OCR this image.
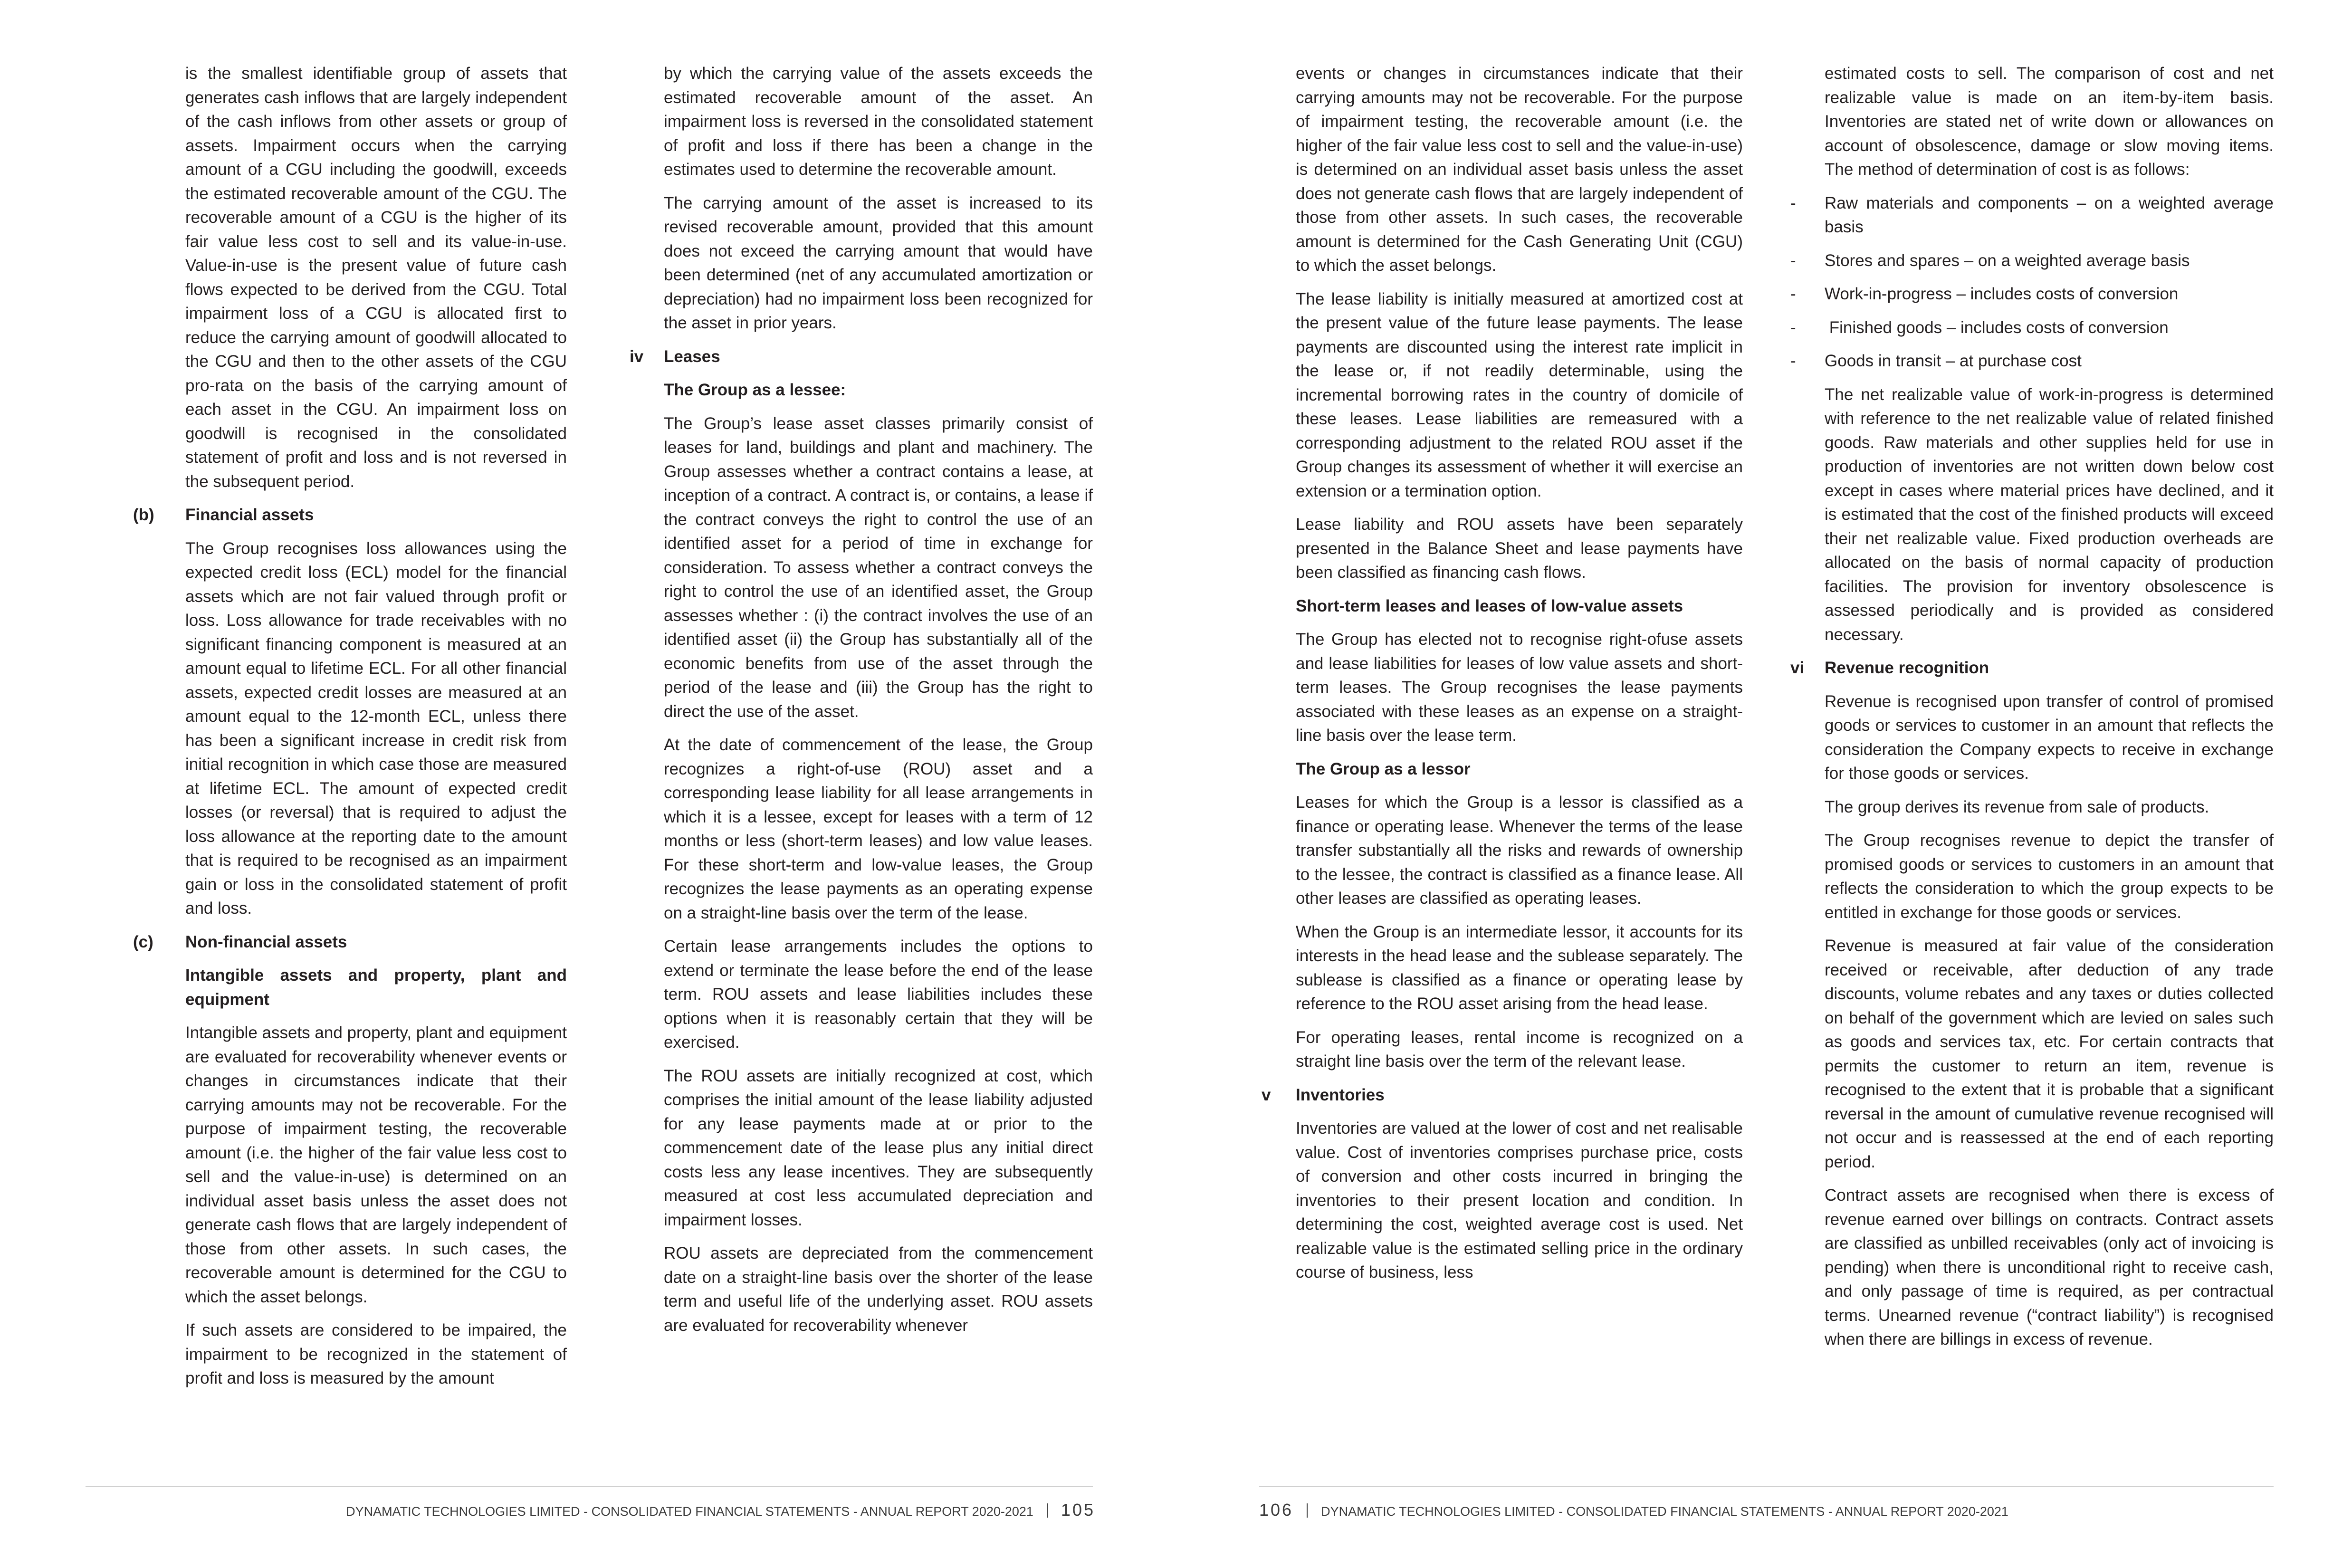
is the smallest identifiable group of assets that generates cash inflows that are largely independent of the cash inflows from other assets or group of assets. Impairment occurs when the carrying amount of a CGU including the goodwill, exceeds the estimated recoverable amount of the CGU. The recoverable amount of a CGU is the higher of its fair value less cost to sell and its value-in-use. Value-in-use is the present value of future cash flows expected to be derived from the CGU. Total impairment loss of a CGU is allocated first to reduce the carrying amount of goodwill allocated to the CGU and then to the other assets of the CGU pro-rata on the basis of the carrying amount of each asset in the CGU. An impairment loss on goodwill is recognised in the consolidated statement of profit and loss and is not reversed in the subsequent period.

(b)	Financial assets

The Group recognises loss allowances using the expected credit loss (ECL) model for the financial assets which are not fair valued through profit or loss. Loss allowance for trade receivables with no significant financing component is measured at an amount equal to lifetime ECL. For all other financial assets, expected credit losses are measured at an amount equal to the 12-month ECL, unless there has been a significant increase in credit risk from initial recognition in which case those are measured at lifetime ECL. The amount of expected credit losses (or reversal) that is required to adjust the loss allowance at the reporting date to the amount that is required to be recognised as an impairment gain or loss in the consolidated statement of profit and loss.

(c)	Non-financial assets
Intangible assets and property, plant and equipment

Intangible assets and property, plant and equipment are evaluated for recoverability whenever events or changes in circumstances indicate that their carrying amounts may not be recoverable. For the purpose of impairment testing, the recoverable amount (i.e. the higher of the fair value less cost to sell and the value-in-use) is determined on an individual asset basis unless the asset does not generate cash flows that are largely independent of those from other assets. In such cases, the recoverable amount is determined for the CGU to which the asset belongs.

If such assets are considered to be impaired, the impairment to be recognized in the statement of profit and loss is measured by the amount

by which the carrying value of the assets exceeds the estimated recoverable amount of the asset. An impairment loss is reversed in the consolidated statement of profit and loss if there has been a change in the estimates used to determine the recoverable amount.

The carrying amount of the asset is increased to its revised recoverable amount, provided that this amount does not exceed the carrying amount that would have been determined (net of any accumulated amortization or depreciation) had no impairment loss been recognized for the asset in prior years.

iv	Leases
The Group as a lessee:

The Group’s lease asset classes primarily consist of leases for land, buildings and plant and machinery. The Group assesses whether a contract contains a lease, at inception of a contract. A contract is, or contains, a lease if the contract conveys the right to control the use of an identified asset for a period of time in exchange for consideration. To assess whether a contract conveys the right to control the use of an identified asset, the Group assesses whether : (i) the contract involves the use of an identified asset (ii) the Group has substantially all of the economic benefits from use of the asset through the period of the lease and (iii) the Group has the right to direct the use of the asset.

At the date of commencement of the lease, the Group recognizes a right-of-use (ROU) asset and a corresponding lease liability for all lease arrangements in which it is a lessee, except for leases with a term of 12 months or less (short-term leases) and low value leases. For these short-term and low-value leases, the Group recognizes the lease payments as an operating expense on a straight-line basis over the term of the lease.

Certain lease arrangements includes the options to extend or terminate the lease before the end of the lease term. ROU assets and lease liabilities includes these options when it is reasonably certain that they will be exercised.

The ROU assets are initially recognized at cost, which comprises the initial amount of the lease liability adjusted for any lease payments made at or prior to the commencement date of the lease plus any initial direct costs less any lease incentives. They are subsequently measured at cost less accumulated depreciation and impairment losses.

ROU assets are depreciated from the commencement date on a straight-line basis over the shorter of the lease term and useful life of the underlying asset. ROU assets are evaluated for recoverability whenever

events or changes in circumstances indicate that their carrying amounts may not be recoverable. For the purpose of impairment testing, the recoverable amount (i.e. the higher of the fair value less cost to sell and the value-in-use) is determined on an individual asset basis unless the asset does not generate cash flows that are largely independent of those from other assets. In such cases, the recoverable amount is determined for the Cash Generating Unit (CGU) to which the asset belongs.

The lease liability is initially measured at amortized cost at the present value of the future lease payments. The lease payments are discounted using the interest rate implicit in the lease or, if not readily determinable, using the incremental borrowing rates in the country of domicile of these leases. Lease liabilities are remeasured with a corresponding adjustment to the related ROU asset if the Group changes its assessment of whether it will exercise an extension or a termination option.

Lease liability and ROU assets have been separately presented in the Balance Sheet and lease payments have been classified as financing cash flows.

Short-term leases and leases of low-value assets

The Group has elected not to recognise right-ofuse assets and lease liabilities for leases of low value assets and short-term leases. The Group recognises the lease payments associated with these leases as an expense on a straight-line basis over the lease term.

The Group as a lessor

Leases for which the Group is a lessor is classified as a finance or operating lease. Whenever the terms of the lease transfer substantially all the risks and rewards of ownership to the lessee, the contract is classified as a finance lease. All other leases are classified as operating leases.

When the Group is an intermediate lessor, it accounts for its interests in the head lease and the sublease separately. The sublease is classified as a finance or operating lease by reference to the ROU asset arising from the head lease.

For operating leases, rental income is recognized on a straight line basis over the term of the relevant lease.

v	Inventories

Inventories are valued at the lower of cost and net realisable value. Cost of inventories comprises purchase price, costs of conversion and other costs incurred in bringing the inventories to their present location and condition. In determining the cost, weighted average cost is used. Net realizable value is the estimated selling price in the ordinary course of business, less

estimated costs to sell. The comparison of cost and net realizable value is made on an item-by-item basis. Inventories are stated net of write down or allowances on account of obsolescence, damage or slow moving items. The method of determination of cost is as follows:

-	Raw materials and components – on a weighted average basis
-	Stores and spares – on a weighted average basis
-	Work-in-progress – includes costs of conversion
-	Finished goods – includes costs of conversion
-	Goods in transit – at purchase cost

The net realizable value of work-in-progress is determined with reference to the net realizable value of related finished goods. Raw materials and other supplies held for use in production of inventories are not written down below cost except in cases where material prices have declined, and it is estimated that the cost of the finished products will exceed their net realizable value. Fixed production overheads are allocated on the basis of normal capacity of production facilities. The provision for inventory obsolescence is assessed periodically and is provided as considered necessary.

vi	Revenue recognition

Revenue is recognised upon transfer of control of promised goods or services to customer in an amount that reflects the consideration the Company expects to receive in exchange for those goods or services.

The group derives its revenue from sale of products.

The Group recognises revenue to depict the transfer of promised goods or services to customers in an amount that reflects the consideration to which the group expects to be entitled in exchange for those goods or services.

Revenue is measured at fair value of the consideration received or receivable, after deduction of any trade discounts, volume rebates and any taxes or duties collected on behalf of the government which are levied on sales such as goods and services tax, etc. For certain contracts that permits the customer to return an item, revenue is recognised to the extent that it is probable that a significant reversal in the amount of cumulative revenue recognised will not occur and is reassessed at the end of each reporting period.

Contract assets are recognised when there is excess of revenue earned over billings on contracts. Contract assets are classified as unbilled receivables (only act of invoicing is pending) when there is unconditional right to receive cash, and only passage of time is required, as per contractual terms. Unearned revenue (“contract liability”) is recognised when there are billings in excess of revenue.

DYNAMATIC TECHNOLOGIES LIMITED - CONSOLIDATED FINANCIAL STATEMENTS - ANNUAL REPORT 2020-2021 105	106 DYNAMATIC TECHNOLOGIES LIMITED - CONSOLIDATED FINANCIAL STATEMENTS - ANNUAL REPORT 2020-2021
